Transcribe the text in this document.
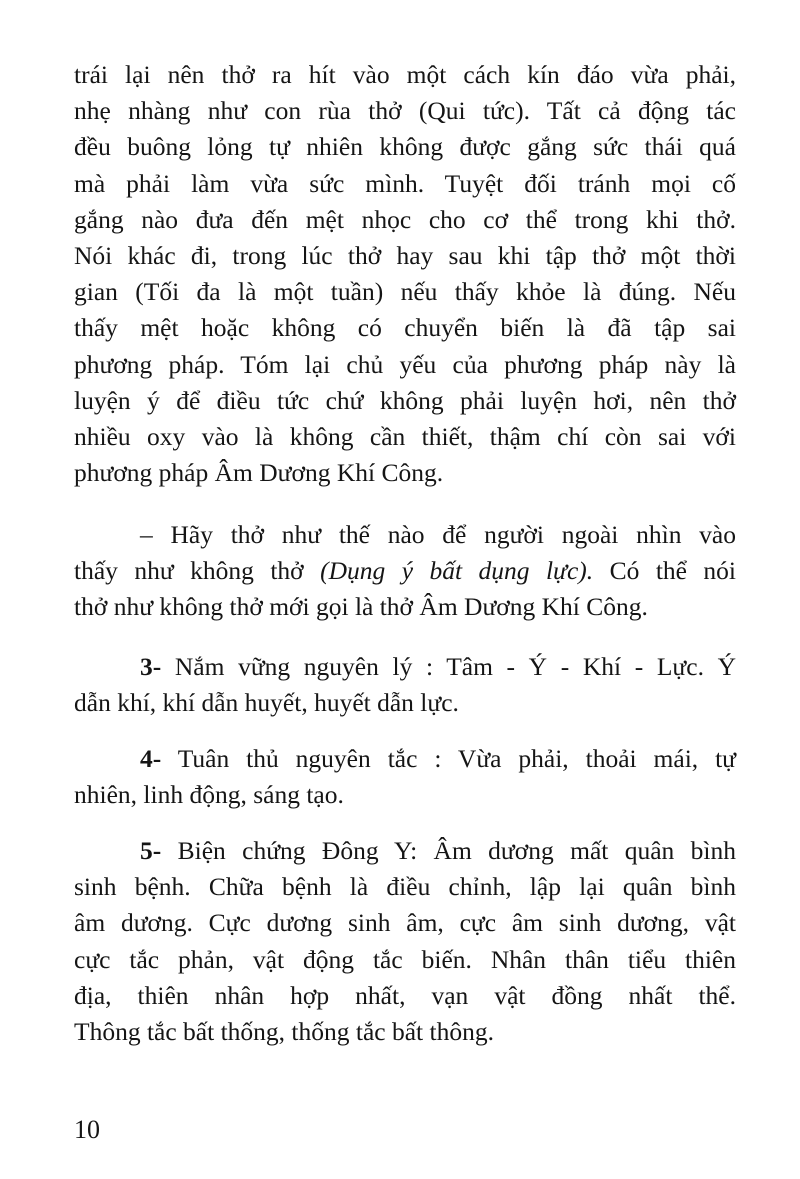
trái lại nên thở ra hít vào một cách kín đáo vừa phải,
nhẹ nhàng như con rùa thở (Qui tức). Tất cả động tác
đều buông lỏng tự nhiên không được gắng sức thái quá
mà phải làm vừa sức mình. Tuyệt đối tránh mọi cố
gắng nào đưa đến mệt nhọc cho cơ thể trong khi thở.
Nói khác đi, trong lúc thở hay sau khi tập thở một thời
gian (Tối đa là một tuần) nếu thấy khỏe là đúng. Nếu
thấy mệt hoặc không có chuyển biến là đã tập sai
phương pháp. Tóm lại chủ yếu của phương pháp này là
luyện ý để điều tức chứ không phải luyện hơi, nên thở
nhiều oxy vào là không cần thiết, thậm chí còn sai với
phương pháp Âm Dương Khí Công.
– Hãy thở như thế nào để người ngoài nhìn vào
thấy như không thở (Dụng ý bất dụng lực). Có thể nói
thở như không thở mới gọi là thở Âm Dương Khí Công.
3- Nắm vững nguyên lý : Tâm - Ý - Khí - Lực. Ý
dẫn khí, khí dẫn huyết, huyết dẫn lực.
4- Tuân thủ nguyên tắc : Vừa phải, thoải mái, tự
nhiên, linh động, sáng tạo.
5- Biện chứng Đông Y: Âm dương mất quân bình
sinh bệnh. Chữa bệnh là điều chỉnh, lập lại quân bình
âm dương. Cực dương sinh âm, cực âm sinh dương, vật
cực tắc phản, vật động tắc biến. Nhân thân tiểu thiên
địa, thiên nhân hợp nhất, vạn vật đồng nhất thể.
Thông tắc bất thống, thống tắc bất thông.
10
